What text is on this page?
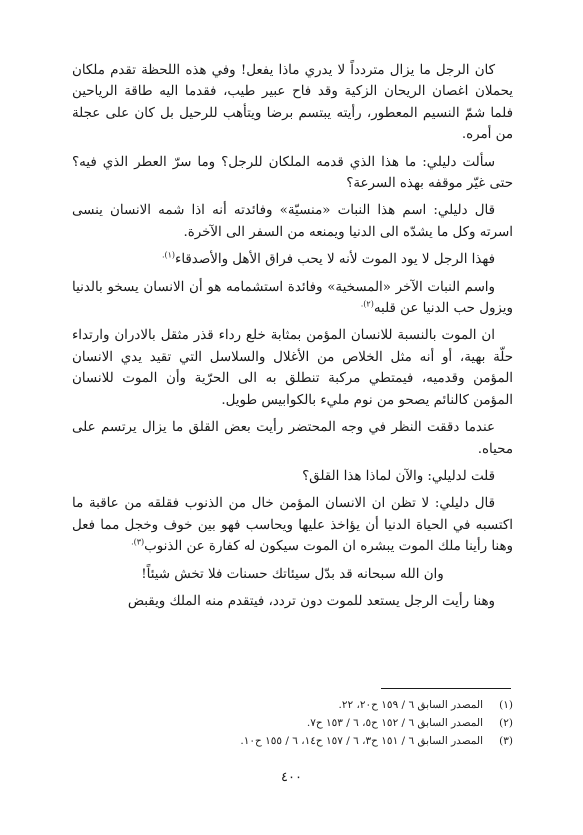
كان الرجل ما يزال متردداً لا يدري ماذا يفعل! وفي هذه اللحظة تقدم ملكان يحملان اغصان الريحان الزكية وقد فاح عبير طيب، فقدما اليه طاقة الرياحين فلما شمّ النسيم المعطور، رأيته يبتسم برضا ويتأهب للرحيل بل كان على عجلة من أمره.

سألت دليلي: ما هذا الذي قدمه الملكان للرجل؟ وما سرّ العطر الذي فيه؟ حتى غيّر موقفه بهذه السرعة؟

قال دليلي: اسم هذا النبات «منسيّة» وفائدته أنه اذا شمه الانسان ينسى اسرته وكل ما يشدّه الى الدنيا ويمنعه من السفر الى الآخرة.

فهذا الرجل لا يود الموت لأنه لا يحب فراق الأهل والأصدقاء$^{(١).}$

واسم النبات الآخر «المسخية» وفائدة استشمامه هو أن الانسان يسخو بالدنيا ويزول حب الدنيا عن قلبه$^{(٢).}$

ان الموت بالنسبة للانسان المؤمن بمثابة خلع رداء قذر مثقل بالادران وارتداء حلّة بهية، أو أنه مثل الخلاص من الأغلال والسلاسل التي تقيد يدي الانسان المؤمن وقدميه، فيمتطي مركبة تنطلق به الى الحرّية وأن الموت للانسان المؤمن كالنائم يصحو من نوم مليء بالكوابيس طويل.

عندما دققت النظر في وجه المحتضر رأيت بعض القلق ما يزال يرتسم على محياه.

قلت لدليلي: والآن لماذا هذا القلق؟

قال دليلي: لا تظن ان الانسان المؤمن خال من الذنوب فقلقه من عاقبة ما اكتسبه في الحياة الدنيا أن يؤاخذ عليها ويحاسب فهو بين خوف وخجل مما فعل وهنا رأينا ملك الموت يبشره ان الموت سيكون له كفارة عن الذنوب$^{(٣).}$

وان الله سبحانه قد بدّل سيئاتك حسنات فلا تخش شيئاً!

وهنا رأيت الرجل يستعد للموت دون تردد، فيتقدم منه الملك ويقبض

(١)المصدر السابق ٦ / ١٥٩ ح٢٠، ٢٢.
(٢)المصدر السابق ٦ / ١٥٢ ح٥، ٦ / ١٥٣ ح٧.
(٣)المصدر السابق ٦ / ١٥١ ح٣، ٦ / ١٥٧ ح١٤، ٦ / ١٥٥ ح١٠.
٤٠٠
